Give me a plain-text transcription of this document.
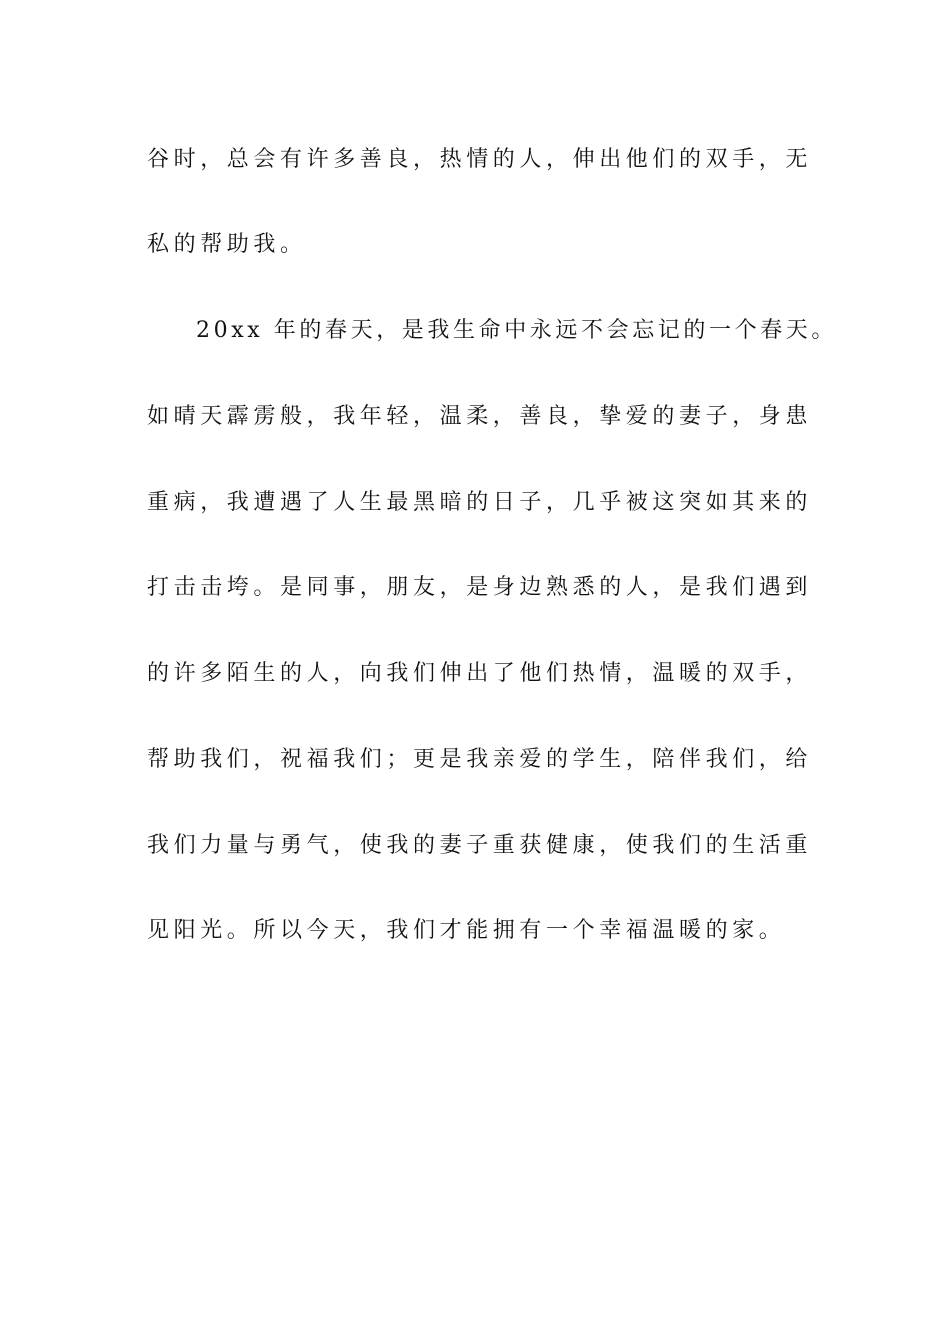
谷时，总会有许多善良，热情的人，伸出他们的双手，无
私的帮助我。
20xx 年的春天，是我生命中永远不会忘记的一个春天。
如晴天霹雳般，我年轻，温柔，善良，挚爱的妻子，身患
重病，我遭遇了人生最黑暗的日子，几乎被这突如其来的
打击击垮。是同事，朋友，是身边熟悉的人，是我们遇到
的许多陌生的人，向我们伸出了他们热情，温暖的双手，
帮助我们，祝福我们；更是我亲爱的学生，陪伴我们，给
我们力量与勇气，使我的妻子重获健康，使我们的生活重
见阳光。所以今天，我们才能拥有一个幸福温暖的家。
